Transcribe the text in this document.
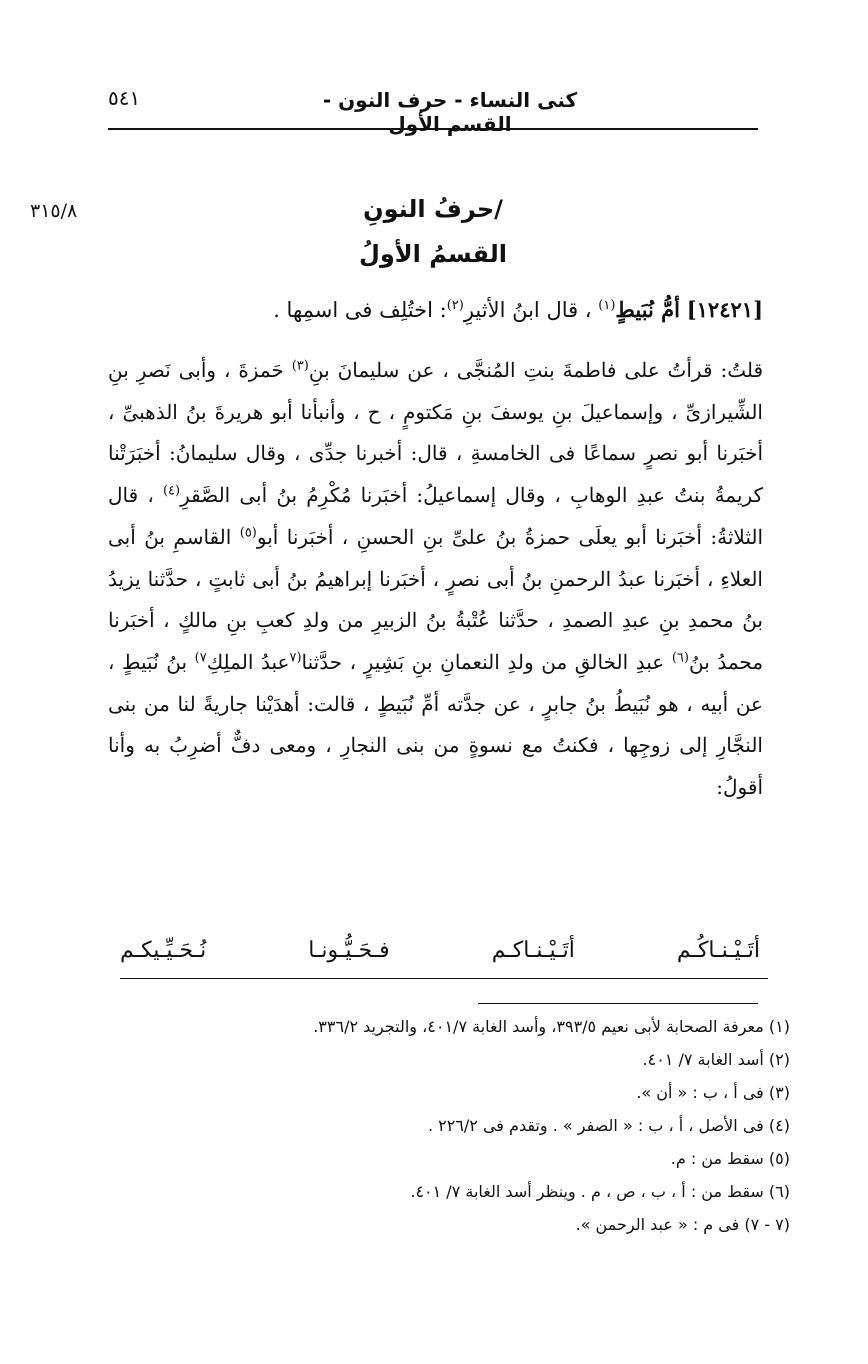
كنى النساء - حرف النون - القسم الأول
٥٤١
٣١٥/٨	/حرفُ النونِ
القسمُ الأولُ
[١٢٤٢١] أمُّ نُبَيطٍ$^{(١)}$ ، قال ابنُ الأثيرِ$^{(٢)}$: اختُلِف فى اسمِها .

قلتُ: قرأتُ على فاطمةَ بنتِ المُنجَّى ، عن سليمانَ بنِ$^{(٣)}$ حَمزةَ ، وأبى نَصرِ بنِ الشِّيرازىِّ ، وإسماعيلَ بنِ يوسفَ بنِ مَكتومٍ ، ح ، وأنبأنا أبو هريرةَ بنُ الذهبىِّ ، أخبَرنا أبو نصرٍ سماعًا فى الخامسةِ ، قال: أخبرنا جدِّى ، وقال سليمانُ: أخبَرَتْنا كريمةُ بنتُ عبدِ الوهابِ ، وقال إسماعيلُ: أخبَرنا مُكْرِمُ بنُ أبى الصَّقرِ$^{(٤)}$ ، قال الثلاثةُ: أخبَرنا أبو يعلَى حمزةُ بنُ علىِّ بنِ الحسنِ ، أخبَرنا أبو$^{(٥)}$ القاسمِ بنُ أبى العلاءِ ، أخبَرنا عبدُ الرحمنِ بنُ أبى نصرٍ ، أخبَرنا إبراهيمُ بنُ أبى ثابتٍ ، حدَّثنا يزيدُ بنُ محمدِ بنِ عبدِ الصمدِ ، حدَّثنا عُتْبةُ بنُ الزبيرِ من ولدِ كعبِ بنِ مالكٍ ، أخبَرنا محمدُ بنُ$^{(٦)}$ عبدِ الخالقِ من ولدِ النعمانِ بنِ بَشِيرٍ ، حدَّثنا$^{(٧}$عبدُ الملِكِ$^{٧)}$ بنُ نُبَيطٍ ، عن أبيه ، هو نُبَيطُ بنُ جابرٍ ، عن جدَّته أمِّ نُبَيطٍ ، قالت: أهدَيْنا جاريةً لنا من بنى النجَّارِ إلى زوجِها ، فكنتُ مع نسوةٍ من بنى النجارِ ، ومعى دفٌّ أضرِبُ به وأنا أقولُ:

أتَـيْـنـاكُـم
أتَـيْـنـاكـم
فـحَـيُّـونـا
نُـحَـيِّـيكـم
(١) معرفة الصحابة لأبى نعيم ٣٩٣/٥، وأسد الغابة ٤٠١/٧، والتجريد ٣٣٦/٢.
(٢) أسد الغابة ٧/ ٤٠١.
(٣) فى أ ، ب : « أن ».
(٤) فى الأصل ، أ ، ب : « الصفر » . وتقدم فى ٢٢٦/٢ .
(٥) سقط من : م.
(٦) سقط من : أ ، ب ، ص ، م . وينظر أسد الغابة ٧/ ٤٠١.
(٧ - ٧) فى م : « عبد الرحمن ».
